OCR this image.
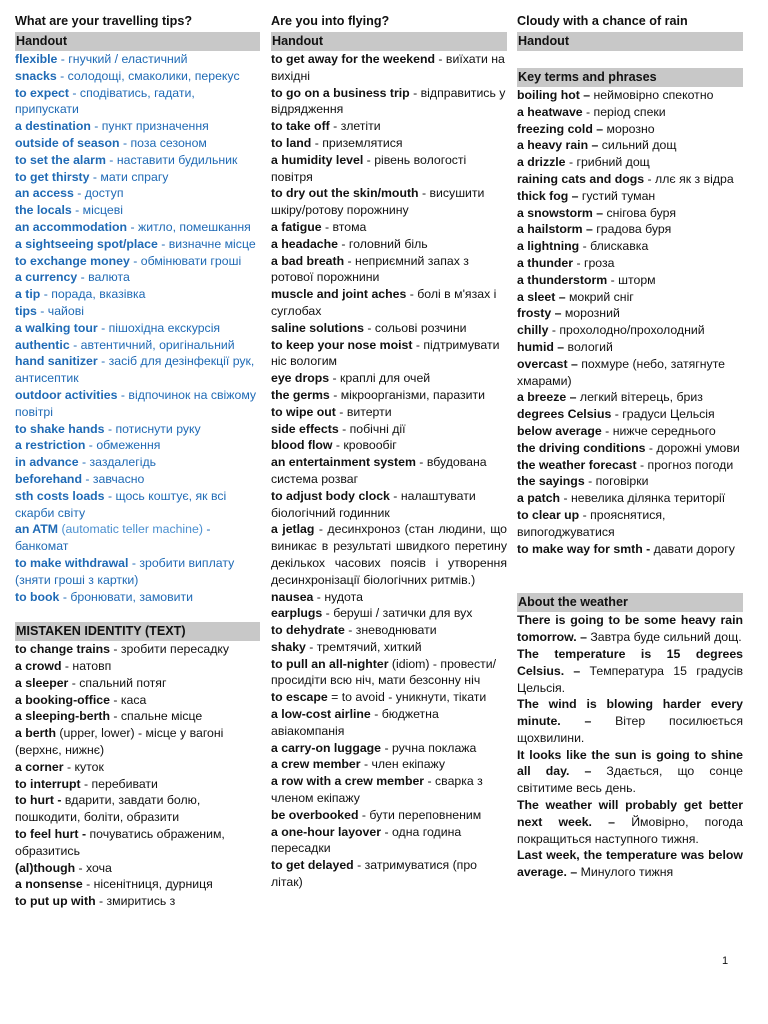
What are your travelling tips?
Handout
flexible - гнучкий / еластичний
snacks - солодощі, смаколики, перекус
to expect - сподіватись, гадати, припускати
a destination - пункт призначення
outside of season - поза сезоном
to set the alarm - наставити будильник
to get thirsty - мати спрагу
an access - доступ
the locals - місцеві
an accommodation - житло, помешкання
a sightseeing spot/place - визначне місце
to exchange money - обмінювати гроші
a currency - валюта
a tip - порада, вказівка
tips - чайові
a walking tour - пішохідна екскурсія
authentic - автентичний, оригінальний
hand sanitizer - засіб для дезінфекції рук, антисептик
outdoor activities - відпочинок на свіжому повітрі
to shake hands - потиснути руку
a restriction - обмеження
in advance - заздалегідь
beforehand - завчасно
sth costs loads - щось коштує, як всі скарби світу
an ATM (automatic teller machine) - банкомат
to make withdrawal - зробити виплату (зняти гроші з картки)
to book - бронювати, замовити
MISTAKEN IDENTITY (TEXT)
to change trains - зробити пересадку
a crowd - натовп
a sleeper - спальний потяг
a booking-office - каса
a sleeping-berth - спальне місце
a berth (upper, lower) - місце у вагоні (верхнє, нижнє)
a corner - куток
to interrupt - перебивати
to hurt - вдарити, завдати болю, пошкодити, боліти, образити
to feel hurt - почуватись ображеним, образитись
(al)though - хоча
a nonsense - нісенітниця, дурниця
to put up with - змиритись з
Are you into flying?
Handout
to get away for the weekend - виїхати на вихідні
to go on a business trip - відправитись у відрядження
to take off - злетіти
to land - приземлятися
a humidity level - рівень вологості повітря
to dry out the skin/mouth - висушити шкіру/ротову порожнину
a fatigue - втома
a headache - головний біль
a bad breath - неприємний запах з ротової порожнини
muscle and joint aches - болі в м'язах і суглобах
saline solutions - сольові розчини
to keep your nose moist - підтримувати ніс вологим
eye drops - краплі для очей
the germs - мікроорганізми, паразити
to wipe out - витерти
side effects - побічні дії
blood flow - кровообіг
an entertainment system - вбудована система розваг
to adjust body clock - налаштувати біологічний годинник
a jetlag - десинхроноз (стан людини, що виникає в результаті швидкого перетину декількох часових поясів і утворення десинхронізації біологічних ритмів.)
nausea - нудота
earplugs - беруші / затички для вух
to dehydrate - зневоднювати
shaky - тремтячий, хиткий
to pull an all-nighter (idiom) - провести/просидіти всю ніч, мати безсонну ніч
to escape = to avoid - уникнути, тікати
a low-cost airline - бюджетна авіакомпанія
a carry-on luggage - ручна поклажа
a crew member - член екіпажу
a row with a crew member - сварка з членом екіпажу
be overbooked - бути переповненим
a one-hour layover - одна година пересадки
to get delayed - затримуватися (про літак)
Cloudy with a chance of rain
Handout
Key terms and phrases
boiling hot – неймовірно спекотно
a heatwave - період спеки
freezing cold – морозно
a heavy rain – сильний дощ
a drizzle - грибний дощ
raining cats and dogs - ллє як з відра
thick fog – густий туман
a snowstorm – снігова буря
a hailstorm – градова буря
a lightning - блискавка
a thunder - гроза
a thunderstorm - шторм
a sleet – мокрий сніг
frosty – морозний
chilly - прохолодно/прохолодний
humid – вологий
overcast – похмуре (небо, затягнуте хмарами)
a breeze – легкий вітерець, бриз
degrees Celsius - градуси Цельсія
below average - нижче середнього
the driving conditions - дорожні умови
the weather forecast - прогноз погоди
the sayings - поговірки
a patch - невелика ділянка території
to clear up - прояснятися, випогоджуватися
to make way for smth - давати дорогу
About the weather
There is going to be some heavy rain tomorrow. – Завтра буде сильний дощ.
The temperature is 15 degrees Celsius. – Температура 15 градусів Цельсія.
The wind is blowing harder every minute. – Вітер посилюється щохвилини.
It looks like the sun is going to shine all day. – Здається, що сонце світитиме весь день.
The weather will probably get better next week. – Ймовірно, погода покращиться наступного тижня.
Last week, the temperature was below average. – Минулого тижня
1
